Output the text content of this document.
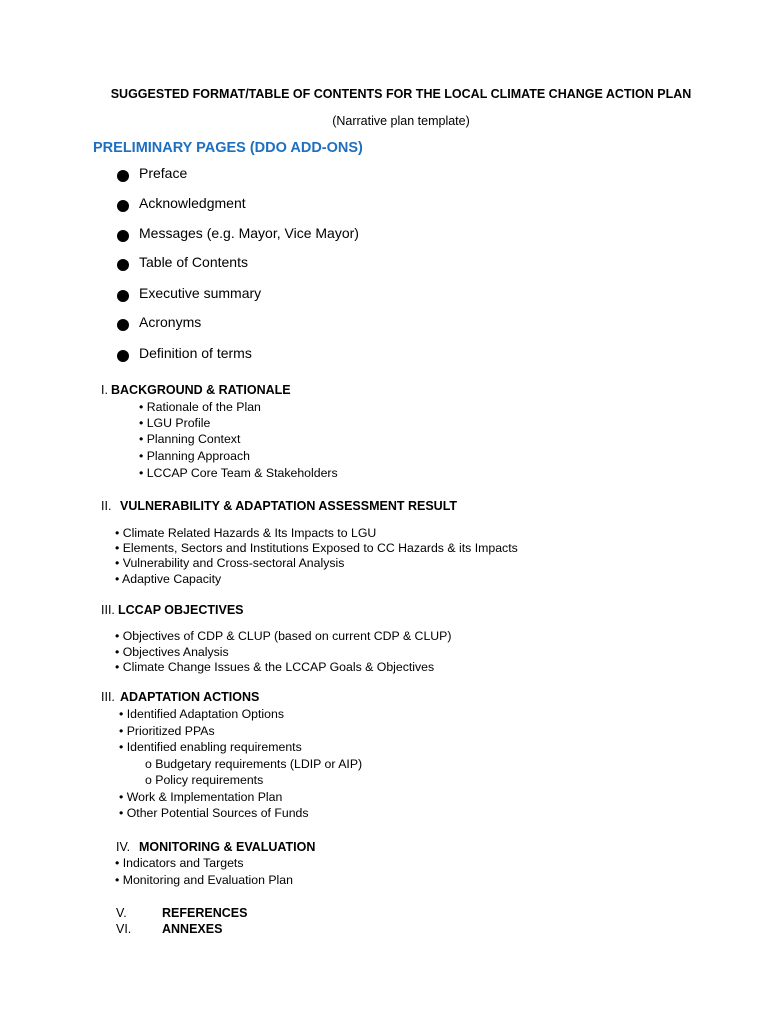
SUGGESTED FORMAT/TABLE OF CONTENTS FOR THE LOCAL CLIMATE CHANGE ACTION PLAN
(Narrative plan template)
PRELIMINARY PAGES (DDO ADD-ONS)
Preface
Acknowledgment
Messages (e.g. Mayor, Vice Mayor)
Table of Contents
Executive summary
Acronyms
Definition of terms
I. BACKGROUND & RATIONALE
• Rationale of the Plan
• LGU Profile
• Planning Context
• Planning Approach
• LCCAP Core Team & Stakeholders
II. VULNERABILITY & ADAPTATION ASSESSMENT RESULT
• Climate Related Hazards & Its Impacts to LGU
• Elements, Sectors and Institutions Exposed to CC Hazards & its Impacts
• Vulnerability and Cross-sectoral Analysis
• Adaptive Capacity
III. LCCAP OBJECTIVES
• Objectives of CDP & CLUP (based on current CDP & CLUP)
• Objectives Analysis
• Climate Change Issues & the LCCAP Goals & Objectives
III. ADAPTATION ACTIONS
• Identified Adaptation Options
• Prioritized PPAs
• Identified enabling requirements
o Budgetary requirements (LDIP or AIP)
o Policy requirements
• Work & Implementation Plan
• Other Potential Sources of Funds
IV. MONITORING & EVALUATION
• Indicators and Targets
• Monitoring and Evaluation Plan
V.	REFERENCES
VI. ANNEXES
